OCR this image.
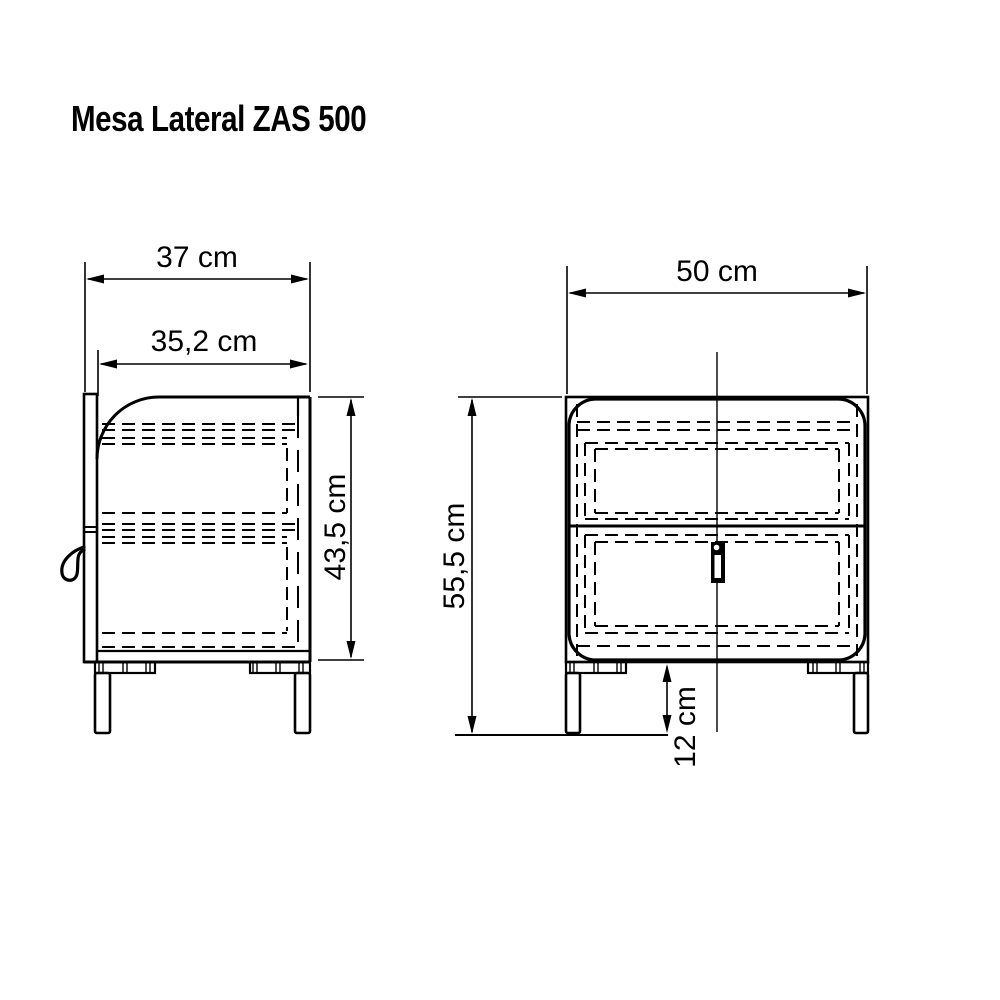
Mesa Lateral ZAS 500
37 cm
35,2 cm
43,5 cm
50 cm
55,5 cm
12 cm
